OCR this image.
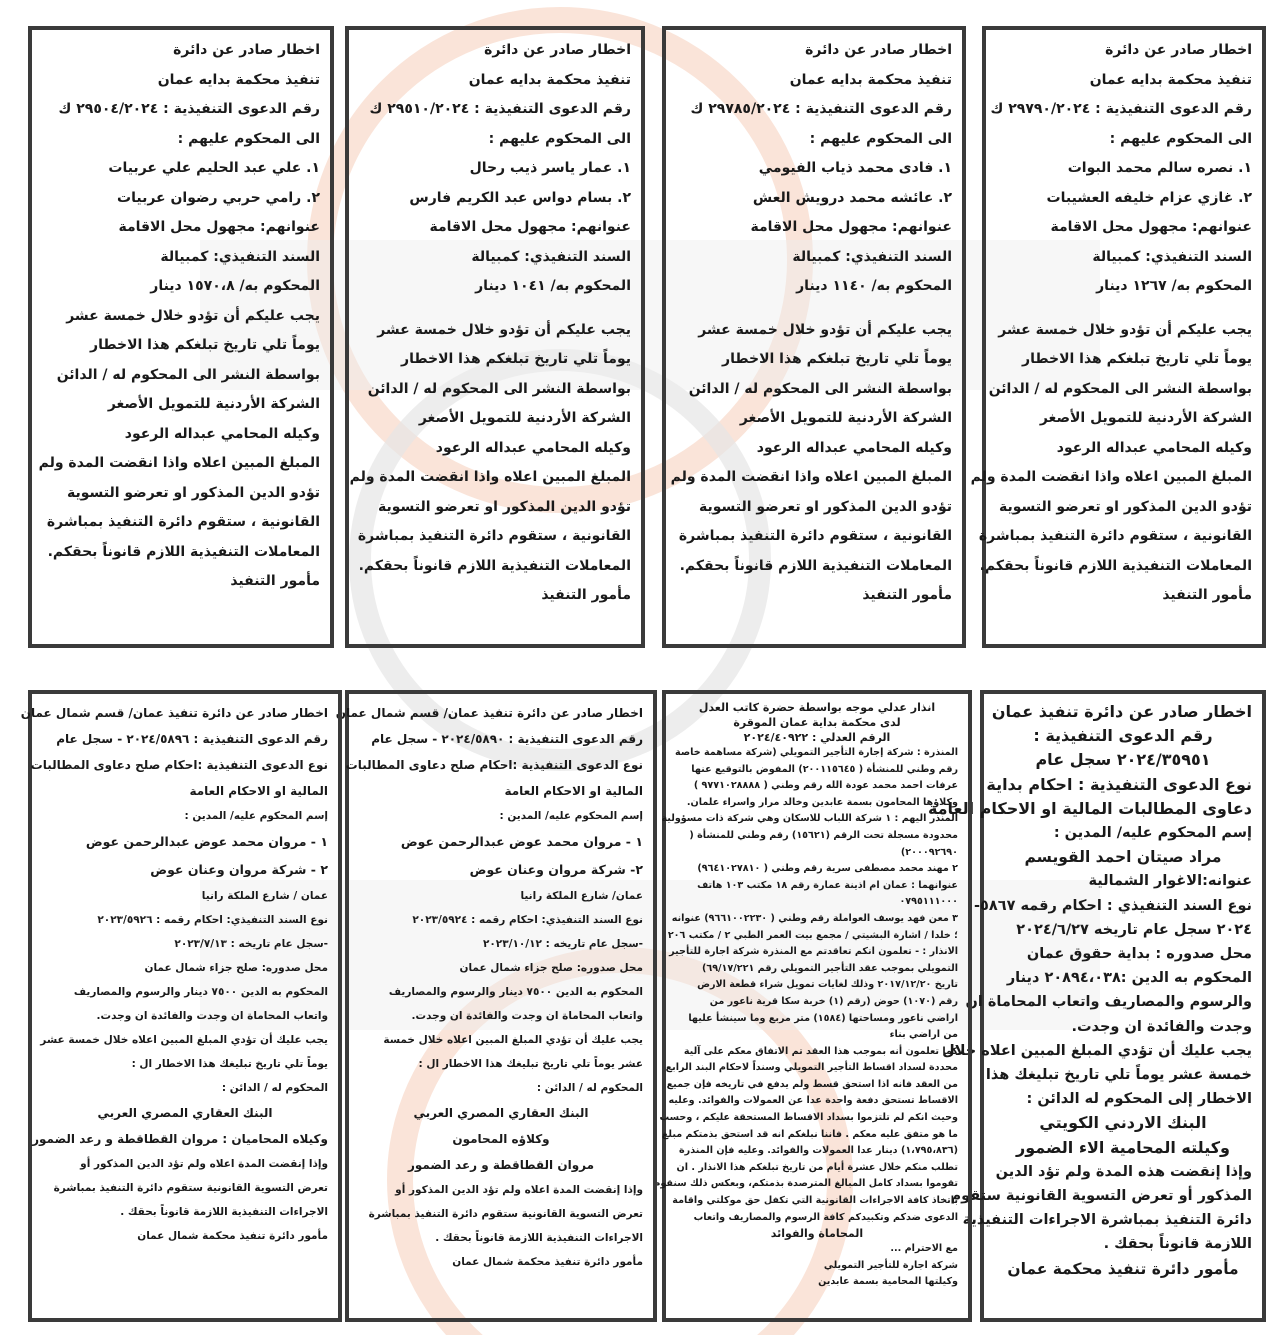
اخطار صادر عن دائرة
تنفيذ محكمة بدايه عمان
رقم الدعوى التنفيذية : ٢٩٧٩٠/٢٠٢٤ ك
الى المحكوم عليهم :
١. نصره سالم محمد البوات
٢. غازي عزام خليفه العشيبات
عنوانهم: مجهول محل الاقامة
السند التنفيذي: كمبيالة
المحكوم به/ ١٢٦٧ دينار
يجب عليكم أن تؤدو خلال خمسة عشر
يوماً تلي تاريخ تبلغكم هذا الاخطار
بواسطة النشر الى المحكوم له / الدائن
الشركة الأردنية للتمويل الأصغر
وكيله المحامي عبداله الرعود
المبلغ المبين اعلاه واذا انقضت المدة ولم
تؤدو الدين المذكور او تعرضو التسوية
القانونية ، ستقوم دائرة التنفيذ بمباشرة
المعاملات التنفيذية اللازم قانوناً بحقكم.
مأمور التنفيذ
اخطار صادر عن دائرة
تنفيذ محكمة بدايه عمان
رقم الدعوى التنفيذية : ٢٩٧٨٥/٢٠٢٤ ك
الى المحكوم عليهم :
١. فادى محمد ذياب الفيومي
٢. عائشه محمد درويش العش
عنوانهم: مجهول محل الاقامة
السند التنفيذي: كمبيالة
المحكوم به/ ١١٤٠ دينار
يجب عليكم أن تؤدو خلال خمسة عشر
يوماً تلي تاريخ تبلغكم هذا الاخطار
بواسطة النشر الى المحكوم له / الدائن
الشركة الأردنية للتمويل الأصغر
وكيله المحامي عبداله الرعود
المبلغ المبين اعلاه واذا انقضت المدة ولم
تؤدو الدين المذكور او تعرضو التسوية
القانونية ، ستقوم دائرة التنفيذ بمباشرة
المعاملات التنفيذية اللازم قانوناً بحقكم.
مأمور التنفيذ
اخطار صادر عن دائرة
تنفيذ محكمة بدايه عمان
رقم الدعوى التنفيذية : ٢٩٥١٠/٢٠٢٤ ك
الى المحكوم عليهم :
١. عمار ياسر ذيب رحال
٢. بسام دواس عبد الكريم فارس
عنوانهم: مجهول محل الاقامة
السند التنفيذي: كمبيالة
المحكوم به/ ١٠٤١ دينار
يجب عليكم أن تؤدو خلال خمسة عشر
يوماً تلي تاريخ تبلغكم هذا الاخطار
بواسطة النشر الى المحكوم له / الدائن
الشركة الأردنية للتمويل الأصغر
وكيله المحامي عبداله الرعود
المبلغ المبين اعلاه واذا انقضت المدة ولم
تؤدو الدين المذكور او تعرضو التسوية
القانونية ، ستقوم دائرة التنفيذ بمباشرة
المعاملات التنفيذية اللازم قانوناً بحقكم.
مأمور التنفيذ
اخطار صادر عن دائرة
تنفيذ محكمة بدايه عمان
رقم الدعوى التنفيذية : ٢٩٥٠٤/٢٠٢٤ ك
الى المحكوم عليهم :
١. علي عبد الحليم علي عربيات
٢. رامي حربي رضوان عربيات
عنوانهم: مجهول محل الاقامة
السند التنفيذي: كمبيالة
المحكوم به/ ١٥٧٠،٨ دينار
يجب عليكم أن تؤدو خلال خمسة عشر
يوماً تلي تاريخ تبلغكم هذا الاخطار
بواسطة النشر الى المحكوم له / الدائن
الشركة الأردنية للتمويل الأصغر
وكيله المحامي عبداله الرعود
المبلغ المبين اعلاه واذا انقضت المدة ولم
تؤدو الدين المذكور او تعرضو التسوية
القانونية ، ستقوم دائرة التنفيذ بمباشرة
المعاملات التنفيذية اللازم قانوناً بحقكم.
مأمور التنفيذ
اخطار صادر عن دائرة تنفيذ عمان
رقم الدعوى التنفيذية :
٢٠٢٤/٣٥٩٥١ سجل عام
نوع الدعوى التنفيذية : احكام بداية
دعاوى المطالبات المالية او الاحكام العامة
إسم المحكوم عليه/ المدين :
مراد صيتان احمد القويسم
عنوانه:الاغوار الشمالية
نوع السند التنفيذي : احكام رقمه ٥٨٦٧-
٢٠٢٤ سجل عام تاريخه ٢٠٢٤/٦/٢٧
محل صدوره : بداية حقوق عمان
المحكوم به الدين :٢٠٨٩٤،٠٣٨ دينار
والرسوم والمصاريف واتعاب المحاماة ان
وجدت والفائدة ان وجدت.
يجب عليك أن تؤدي المبلغ المبين اعلاه خلال
خمسة عشر يوماً تلي تاريخ تبليغك هذا
الاخطار إلى المحكوم له الدائن :
البنك الاردني الكويتي
وكيلته المحامية الاء الضمور
وإذا إنقضت هذه المدة ولم تؤد الدين
المذكور أو تعرض التسوية القانونية ستقوم
دائرة التنفيذ بمباشرة الاجراءات التنفيذية
اللازمة قانوناً بحقك .
مأمور دائرة تنفيذ محكمة عمان
انذار عدلي موجه بواسطة حضرة كاتب العدل
لدى محكمة بداية عمان الموقرة
الرقم العدلي : ٢٠٢٤/٤٠٩٢٢
المنذرة : شركة إجارة التأجير التمويلي (شركة مساهمة خاصة
رقم وطني للمنشأة ( ٢٠٠١١٥٦٤٥) المفوض بالتوقيع عنها
عرفات احمد محمد عودة الله رقم وطني ( ٩٧٧١٠٢٨٨٨٨ )
وكلاؤها المحامون بسمة عابدين وخالد مرار واسراء علمان.
المنذر اليهم : ١ شركة اللباب للاسكان وهي شركة ذات مسؤولية
محدودة مسجلة تحت الرقم (١٥٦٢١) رقم وطني للمنشأة (
٢٠٠٠٩٢٦٩٠)
٢ مهند محمد مصطفى سرية رقم وطني ( ٩٦٤١٠٢٧٨١٠)
عنوانهما : عمان ام اذينة عمارة رقم ١٨ مكتب ١٠٣ هاتف
٠٧٩٥١١١٠٠٠
٣ معن فهد يوسف العواملة رقم وطني ( ٩٦٦١٠٠٢٢٣٠) عنوانه
؛ خلدا / اشارة البشيتي / مجمع بيت العمر الطبي ٢ / مكتب ٢٠٦
الانذار : - تعلمون انكم تعاقدتم مع المنذرة شركة اجارة للتأجير
التمويلي بموجب عقد التأجير التمويلي رقم ٦٩/١٧/٢٢١)
تاريخ ٢٠١٧/١٢/٢٠ وذلك لغايات تمويل شراء قطعة الارض
رقم (١٠٧٠) حوض (رقم (١) خربة سكا قرية ناعور من
اراضي ناعور ومساحتها (١٥٨٤) متر مربع وما سينشأ عليها
من اراضي بناء
كما تعلمون أنه بموجب هذا العقد تم الاتفاق معكم على آلية
محددة لسداد اقساط التأجير التمويلي وسنداً لاحكام البند الرابع
من العقد فانه اذا استحق قسط ولم يدفع في تاريخه فإن جميع
الاقساط تستحق دفعة واحدة عدا عن العمولات والفوائد. وعليه
وحيث انكم لم تلتزموا بسداد الاقساط المستحقة عليكم ، وحسب
ما هو متفق عليه معكم . فاننا نبلغكم انه قد استحق بذمتكم مبلغ
(١،٧٩٥،٨٣٦) دينار عدا العمولات والفوائد. وعليه فإن المنذرة
تطلب منكم خلال عشرة أيام من تاريخ تبلغكم هذا الانذار . ان
تقوموا بسداد كامل المبالغ المترصدة بذمتكم، وبعكس ذلك سنقوم
باتخاذ كافة الاجراءات القانونية التي تكفل حق موكلتي واقامة
الدعوى ضدكم وتكبيدكم كافة الرسوم والمصاريف واتعاب
المحاماة والفوائد
مع الاحترام ...
شركة اجارة للتأجير التمويلي
وكيلتها المحامية بسمة عابدين
اخطار صادر عن دائرة تنفيذ عمان/ قسم شمال عمان
رقم الدعوى التنفيذية : ٢٠٢٤/٥٨٩٠ - سجل عام
نوع الدعوى التنفيذية :احكام صلح دعاوى المطالبات
المالية او الاحكام العامة
إسم المحكوم عليه/ المدين :
١ - مروان محمد عوض عبدالرحمن عوض
٢- شركة مروان وعنان عوض
عمان/ شارع الملكة رانيا
نوع السند التنفيذي: احكام رقمه : ٢٠٢٣/٥٩٢٤
-سجل عام تاريخه : ٢٠٢٣/١٠/١٢
محل صدوره: صلح جزاء شمال عمان
المحكوم به الدين ٧٥٠٠ دينار والرسوم والمصاريف
واتعاب المحاماة ان وجدت والفائدة ان وجدت.
يجب عليك أن تؤدي المبلغ المبين اعلاه خلال خمسة
عشر يوماً تلي تاريخ تبليغك هذا الاخطار ال :
المحكوم له / الدائن :
البنك العقاري المصري العربي
وكلاؤه المحامون
مروان القطاقطة و رعد الضمور
وإذا إنقضت المدة اعلاه ولم تؤد الدين المذكور أو
تعرض التسوية القانونية ستقوم دائرة التنفيذ بمباشرة
الاجراءات التنفيذية اللازمة قانوناً بحقك .
مأمور دائرة تنفيذ محكمة شمال عمان
اخطار صادر عن دائرة تنفيذ عمان/ قسم شمال عمان
رقم الدعوى التنفيذية : ٢٠٢٤/٥٨٩٦ - سجل عام
نوع الدعوى التنفيذية :احكام صلح دعاوى المطالبات
المالية او الاحكام العامة
إسم المحكوم عليه/ المدين :
١ - مروان محمد عوض عبدالرحمن عوض
٢ - شركة مروان وعنان عوض
عمان / شارع الملكة رانيا
نوع السند التنفيذي: احكام رقمه : ٢٠٢٣/٥٩٢٦
-سجل عام تاريخه : ٢٠٢٣/٧/١٣
محل صدوره: صلح جزاء شمال عمان
المحكوم به الدين ٧٥٠٠ دينار والرسوم والمصاريف
واتعاب المحاماة ان وجدت والفائدة ان وجدت.
يجب عليك أن تؤدي المبلغ المبين اعلاه خلال خمسة عشر
يوماً تلي تاريخ تبليغك هذا الاخطار ال :
المحكوم له / الدائن :
البنك العقاري المصري العربي
وكيلاه المحاميان : مروان القطاقطة و رعد الضمور
وإذا إنقضت المدة اعلاه ولم تؤد الدين المذكور أو
تعرض التسوية القانونية ستقوم دائرة التنفيذ بمباشرة
الاجراءات التنفيذية اللازمة قانوناً بحقك .
مأمور دائرة تنفيذ محكمة شمال عمان
